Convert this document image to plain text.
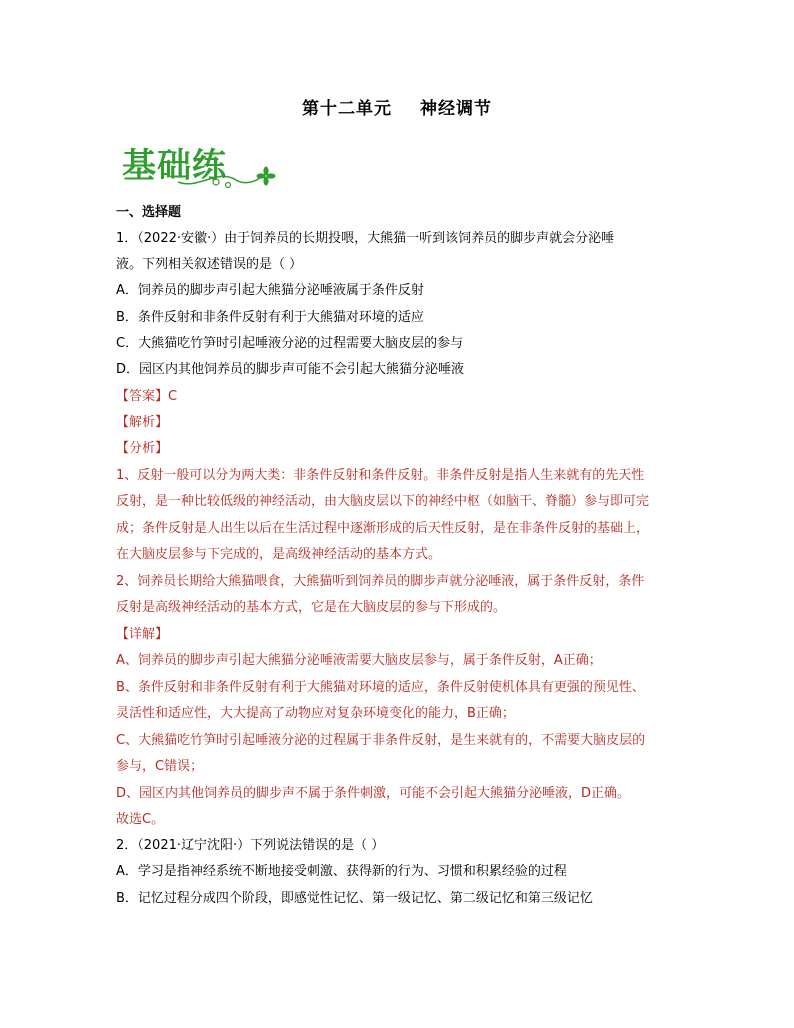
第十二单元 神经调节
基础练
一、选择题
1．（2022·安徽·）由于饲养员的长期投喂，大熊猫一听到该饲养员的脚步声就会分泌唾
液。下列相关叙述错误的是（ ）
A．饲养员的脚步声引起大熊猫分泌唾液属于条件反射
B．条件反射和非条件反射有利于大熊猫对环境的适应
C．大熊猫吃竹笋时引起唾液分泌的过程需要大脑皮层的参与
D．园区内其他饲养员的脚步声可能不会引起大熊猫分泌唾液
【答案】C
【解析】
【分析】
1、反射一般可以分为两大类：非条件反射和条件反射。非条件反射是指人生来就有的先天性
反射，是一种比较低级的神经活动，由大脑皮层以下的神经中枢（如脑干、脊髓）参与即可完
成；条件反射是人出生以后在生活过程中逐渐形成的后天性反射，是在非条件反射的基础上，
在大脑皮层参与下完成的，是高级神经活动的基本方式。
2、饲养员长期给大熊猫喂食，大熊猫听到饲养员的脚步声就分泌唾液，属于条件反射，条件
反射是高级神经活动的基本方式，它是在大脑皮层的参与下形成的。
【详解】
A、饲养员的脚步声引起大熊猫分泌唾液需要大脑皮层参与，属于条件反射，A正确；
B、条件反射和非条件反射有利于大熊猫对环境的适应，条件反射使机体具有更强的预见性、
灵活性和适应性，大大提高了动物应对复杂环境变化的能力，B正确；
C、大熊猫吃竹笋时引起唾液分泌的过程属于非条件反射，是生来就有的，不需要大脑皮层的
参与，C错误；
D、园区内其他饲养员的脚步声不属于条件刺激，可能不会引起大熊猫分泌唾液，D正确。
故选C。
2．（2021·辽宁沈阳·）下列说法错误的是（ ）
A．学习是指神经系统不断地接受刺激、获得新的行为、习惯和积累经验的过程
B．记忆过程分成四个阶段，即感觉性记忆、第一级记忆、第二级记忆和第三级记忆
